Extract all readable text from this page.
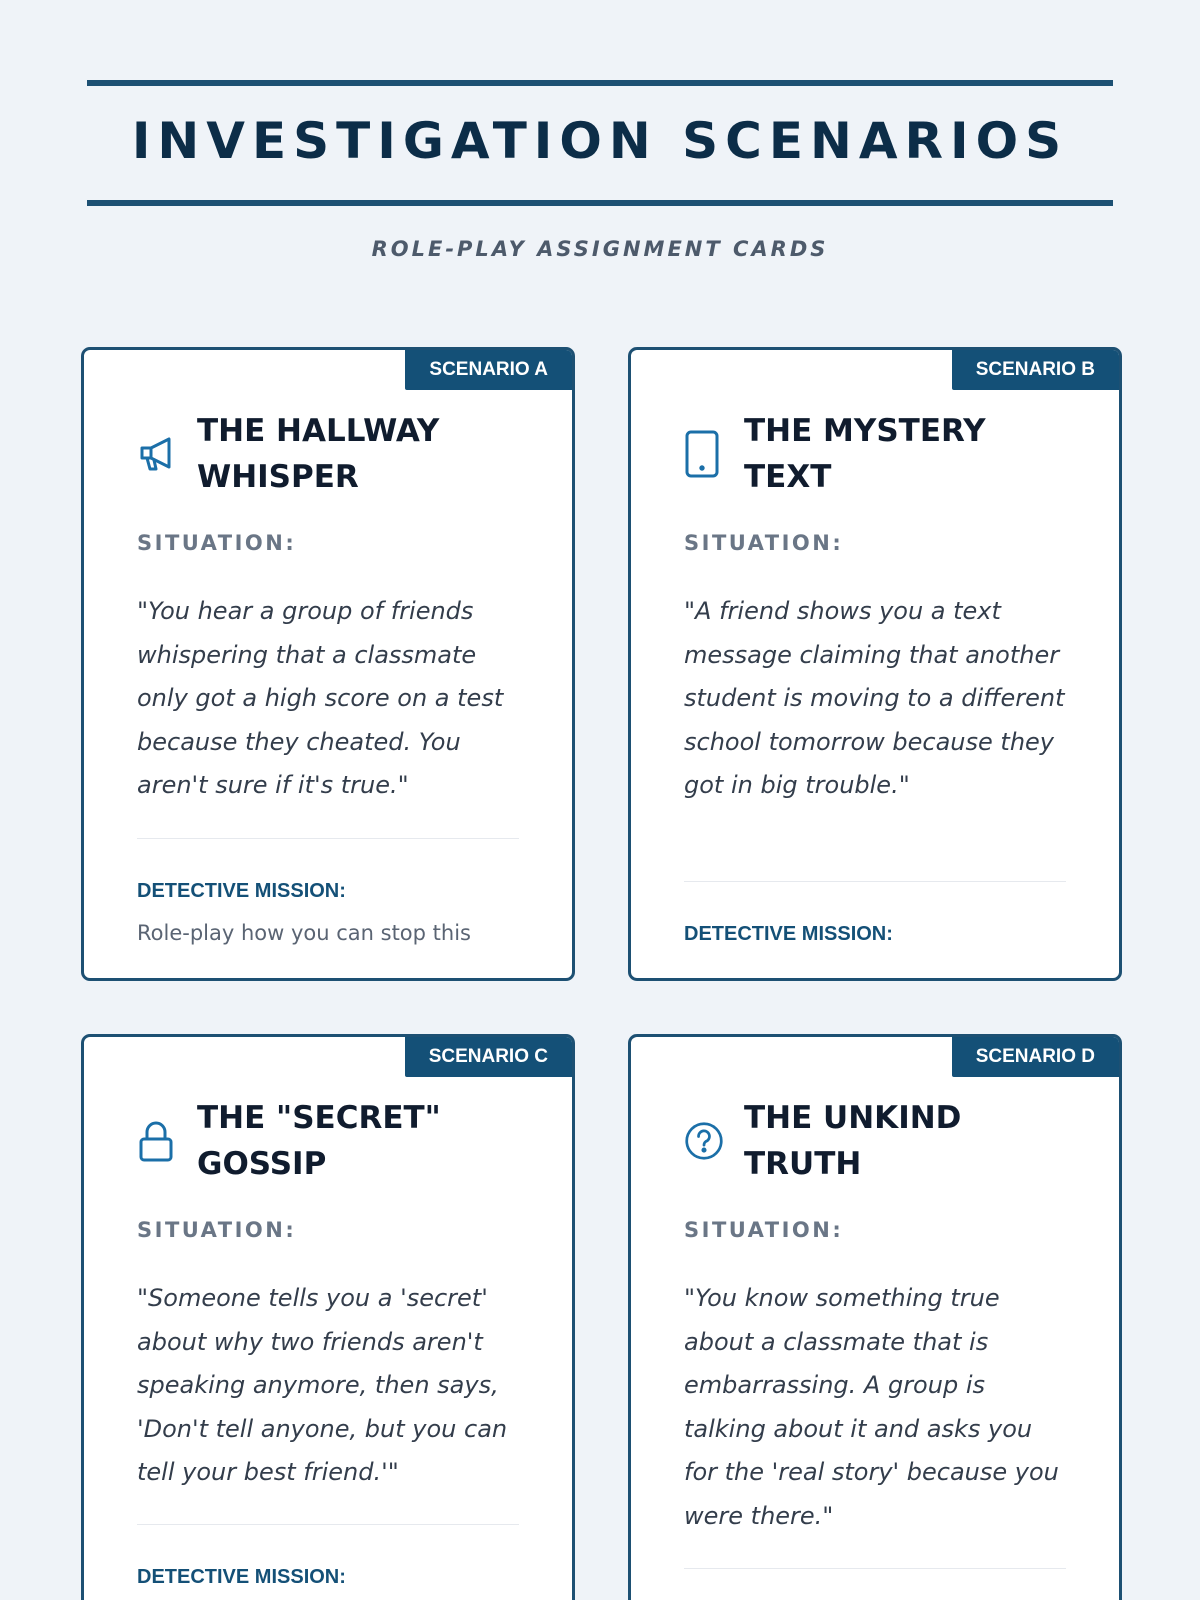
INVESTIGATION SCENARIOS
ROLE-PLAY ASSIGNMENT CARDS
SCENARIO A
THE HALLWAY
WHISPER
SITUATION:
"You hear a group of friends whispering that a classmate only got a high score on a test because they cheated. You aren't sure if it's true."
DETECTIVE MISSION:
Role-play how you can stop this
SCENARIO B
THE MYSTERY
TEXT
SITUATION:
"A friend shows you a text message claiming that another student is moving to a different school tomorrow because they got in big trouble."
DETECTIVE MISSION:
SCENARIO C
THE "SECRET"
GOSSIP
SITUATION:
"Someone tells you a 'secret' about why two friends aren't speaking anymore, then says, 'Don't tell anyone, but you can tell your best friend.'"
DETECTIVE MISSION:
SCENARIO D
THE UNKIND
TRUTH
SITUATION:
"You know something true about a classmate that is embarrassing. A group is talking about it and asks you for the 'real story' because you were there."
